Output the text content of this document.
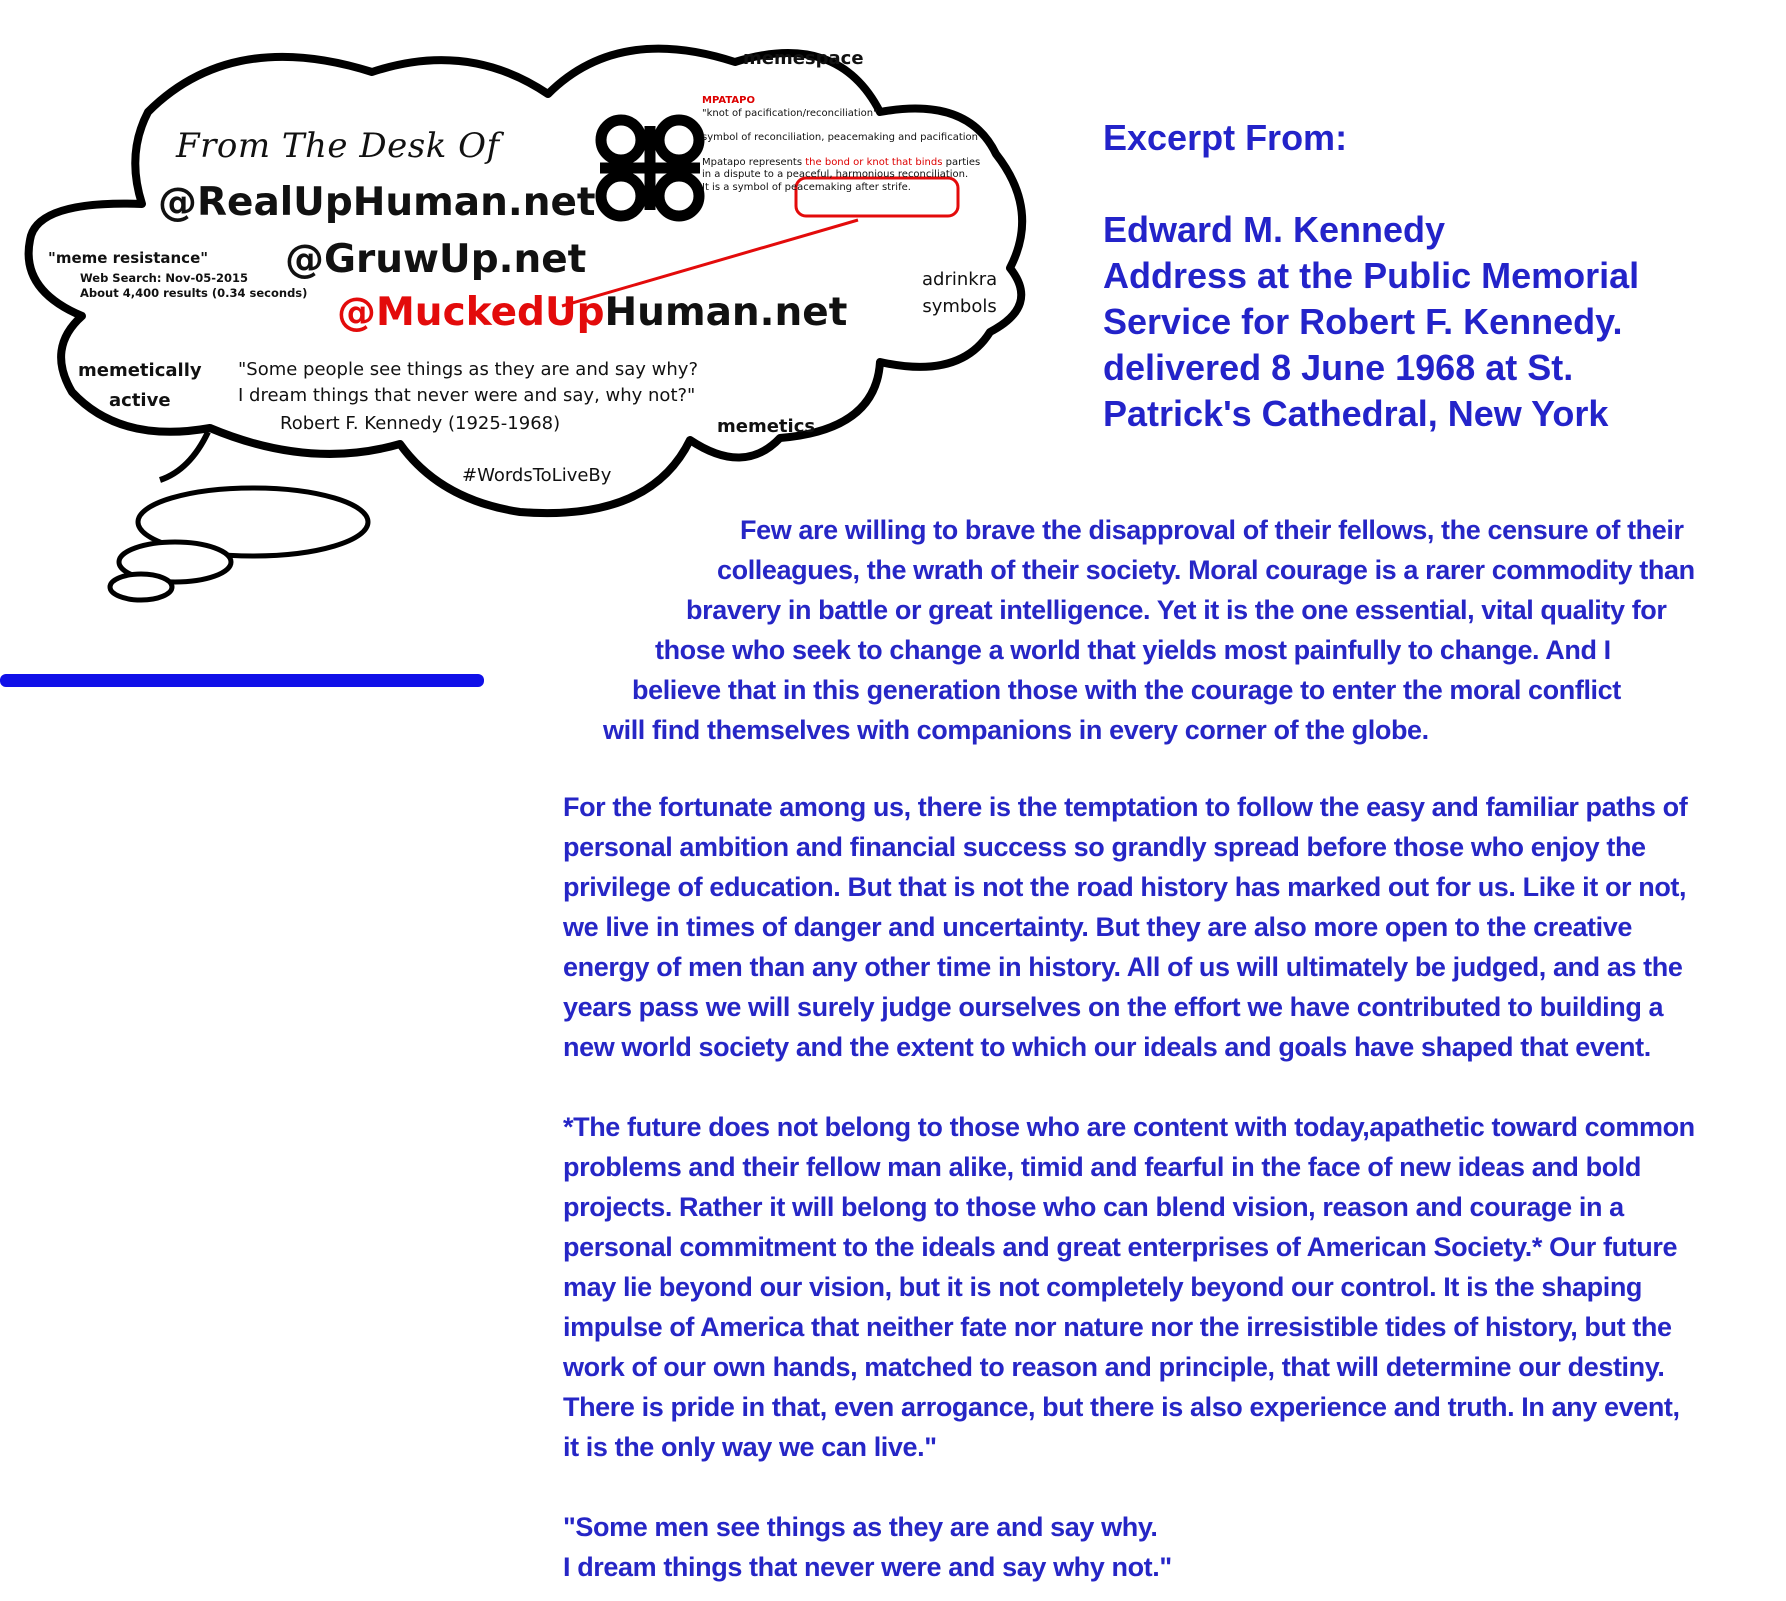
From The Desk Of
@RealUpHuman.net
@GruwUp.net
@MuckedUpHuman.net
memespace
"meme resistance"
Web Search: Nov-05-2015
About 4,400 results (0.34 seconds)
adrinkra
symbols
memetically
active
"Some people see things as they are and say why?
I dream things that never were and say, why not?"
Robert F. Kennedy (1925-1968)	memetics
#WordsToLiveBy

MPATAPO

"knot of pacification/reconciliation"

symbol of reconciliation, peacemaking and pacification

Mpatapo represents the bond or knot that binds parties

in a dispute to a peaceful, harmonious reconciliation.

It is a symbol of peacemaking after strife.

Excerpt From:
Edward M. Kennedy
Address at the Public Memorial
Service for Robert F. Kennedy.
delivered 8 June 1968 at St.
Patrick's Cathedral, New York
Few are willing to brave the disapproval of their fellows, the censure of their
colleagues, the wrath of their society. Moral courage is a rarer commodity than
bravery in battle or great intelligence. Yet it is the one essential, vital quality for
those who seek to change a world that yields most painfully to change. And I
believe that in this generation those with the courage to enter the moral conflict
will find themselves with companions in every corner of the globe.
For the fortunate among us, there is the temptation to follow the easy and familiar paths of
personal ambition and financial success so grandly spread before those who enjoy the
privilege of education. But that is not the road history has marked out for us. Like it or not,
we live in times of danger and uncertainty. But they are also more open to the creative
energy of men than any other time in history. All of us will ultimately be judged, and as the
years pass we will surely judge ourselves on the effort we have contributed to building a
new world society and the extent to which our ideals and goals have shaped that event.
*The future does not belong to those who are content with today,apathetic toward common
problems and their fellow man alike, timid and fearful in the face of new ideas and bold
projects. Rather it will belong to those who can blend vision, reason and courage in a
personal commitment to the ideals and great enterprises of American Society.* Our future
may lie beyond our vision, but it is not completely beyond our control. It is the shaping
impulse of America that neither fate nor nature nor the irresistible tides of history, but the
work of our own hands, matched to reason and principle, that will determine our destiny.
There is pride in that, even arrogance, but there is also experience and truth. In any event,
it is the only way we can live."
"Some men see things as they are and say why.
I dream things that never were and say why not."
